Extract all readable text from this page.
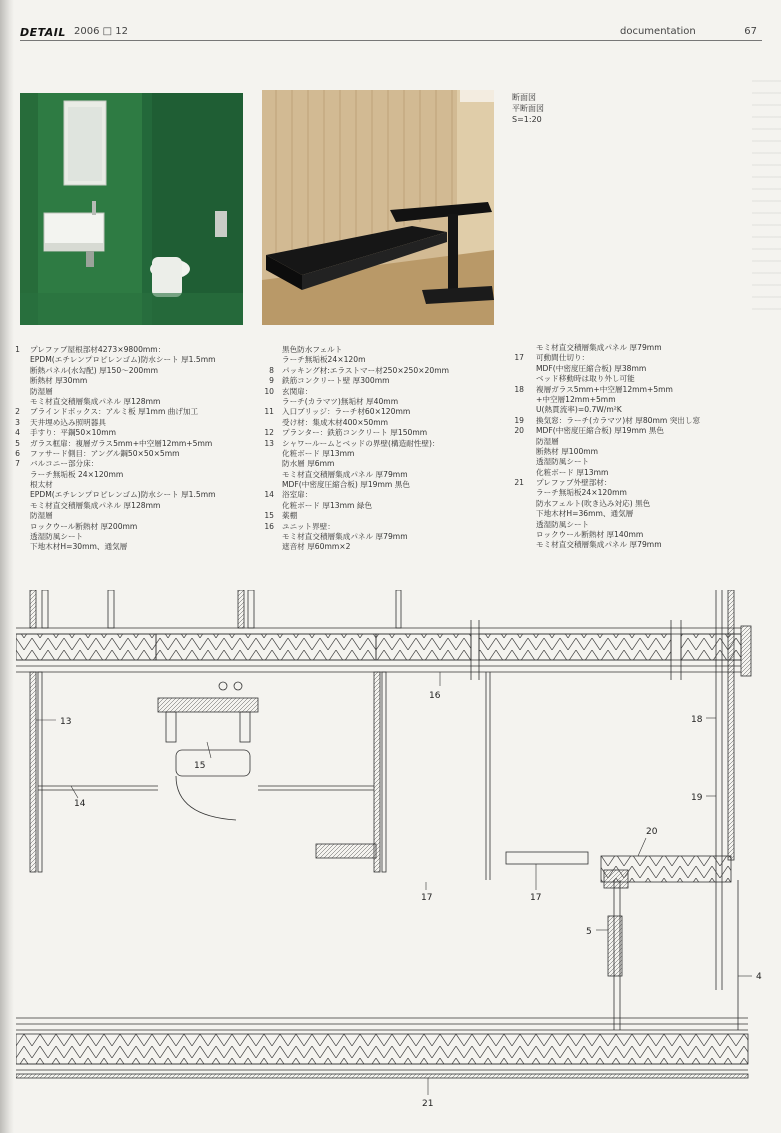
DETAIL 2006 □ 12	documentation	67
断面図
平断面図
S=1:20
1 プレファブ屋根部材4273×9800mm：
EPDM(エチレンプロピレンゴム)防水シート 厚1.5mm
断熱パネル(水勾配) 厚150～200mm
断熱材 厚30mm
防湿層
モミ材直交積層集成パネル 厚128mm
2 ブラインドボックス：アルミ板 厚1mm 曲げ加工
3 天井埋め込み照明器具
4 手すり：平鋼50×10mm
5 ガラス框扉：複層ガラス5mm+中空層12mm+5mm
6 ファサード側目：アングル鋼50×50×5mm
7 バルコニー部分床：
ラーチ無垢板 24×120mm
根太材
EPDM(エチレンプロピレンゴム)防水シート 厚1.5mm
モミ材直交積層集成パネル 厚128mm
防湿層
ロックウール断熱材 厚200mm
透湿防風シート
下地木材H=30mm、通気層
黒色防水フェルト
ラーチ無垢板24×120m
8 パッキング材:エラストマー材250×250×20mm
9 鉄筋コンクリート壁 厚300mm
10 玄関扉：
ラーチ(カラマツ)無垢材 厚40mm
11 入口ブリッジ：ラーチ材60×120mm
受け材：集成木材400×50mm
12 プランター：鉄筋コンクリート 厚150mm
13 シャワールームとベッドの界壁(構造耐性壁)：
化粧ボード 厚13mm
防水層 厚6mm
モミ材直交積層集成パネル 厚79mm
MDF(中密度圧縮合板) 厚19mm 黒色
14 浴室扉：
化粧ボード 厚13mm 緑色
15 薬棚
16 ユニット界壁：
モミ材直交積層集成パネル 厚79mm
遮音材 厚60mm×2
モミ材直交積層集成パネル 厚79mm
17 可動間仕切り：
MDF(中密度圧縮合板) 厚38mm
ベッド移動時は取り外し可能
18 複層ガラス5mm+中空層12mm+5mm
+中空層12mm+5mm
U(熱貫流率)=0.7W/m²K
19 換気窓：ラーチ(カラマツ)材 厚80mm 突出し窓
20 MDF(中密度圧縮合板) 厚19mm 黒色
防湿層
断熱材 厚100mm
透湿防風シート
化粧ボード 厚13mm
21 プレファブ外壁部材：
ラーチ無垢板24×120mm
防水フェルト(吹き込み対応) 黒色
下地木材H=36mm、通気層
透湿防風シート
ロックウール断熱材 厚140mm
モミ材直交積層集成パネル 厚79mm
13
14
15
16
17	17
18
19
20
5
4
21
